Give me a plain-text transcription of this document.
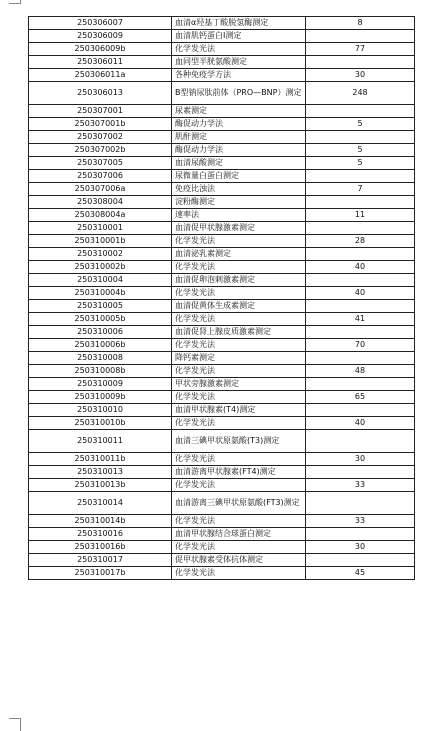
250306007	血清α羟基丁酸脱氢酶测定	8
250306009	血清肌钙蛋白Ⅰ测定	
250306009b	化学发光法	77
250306011	血同型半胱氨酸测定	
250306011a	各种免疫学方法	30
250306013	B型钠尿肽前体（PRO—BNP）测定	248
250307001	尿素测定	
250307001b	酶促动力学法	5
250307002	肌酐测定	
250307002b	酶促动力学法	5
250307005	血清尿酸测定	5
250307006	尿微量白蛋白测定	
250307006a	免疫比浊法	7
250308004	淀粉酶测定	
250308004a	速率法	11
250310001	血清促甲状腺激素测定	
250310001b	化学发光法	28
250310002	血清泌乳素测定	
250310002b	化学发光法	40
250310004	血清促卵泡刺激素测定	
250310004b	化学发光法	40
250310005	血清促黄体生成素测定	
250310005b	化学发光法	41
250310006	血清促肾上腺皮质激素测定	
250310006b	化学发光法	70
250310008	降钙素测定	
250310008b	化学发光法	48
250310009	甲状旁腺激素测定	
250310009b	化学发光法	65
250310010	血清甲状腺素(T4)测定	
250310010b	化学发光法	40
250310011	血清三碘甲状原氨酸(T3)测定	
250310011b	化学发光法	30
250310013	血清游离甲状腺素(FT4)测定	
250310013b	化学发光法	33
250310014	血清游离三碘甲状原氨酸(FT3)测定	
250310014b	化学发光法	33
250310016	血清甲状腺结合球蛋白测定	
250310016b	化学发光法	30
250310017	促甲状腺素受体抗体测定	
250310017b	化学发光法	45
